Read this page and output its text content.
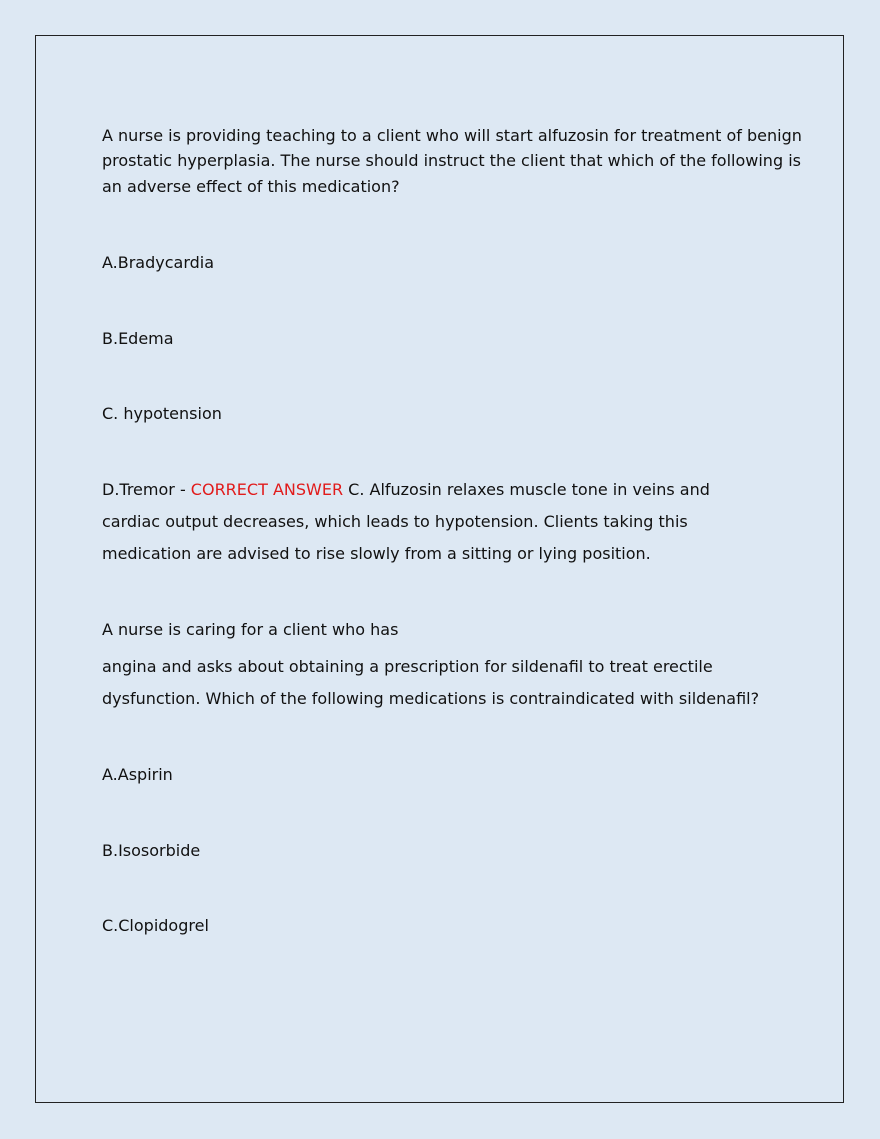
A nurse is providing teaching to a client who will start alfuzosin for treatment of benign

prostatic hyperplasia. The nurse should instruct the client that which of the following is

an adverse effect of this medication?

A.Bradycardia

B.Edema

C. hypotension

D.Tremor - CORRECT ANSWER C. Alfuzosin relaxes muscle tone in veins and

cardiac output decreases, which leads to hypotension. Clients taking this

medication are advised to rise slowly from a sitting or lying position.

A nurse is caring for a client who has

angina and asks about obtaining a prescription for sildenafil to treat erectile

dysfunction. Which of the following medications is contraindicated with sildenafil?

A.Aspirin

B.Isosorbide

C.Clopidogrel
